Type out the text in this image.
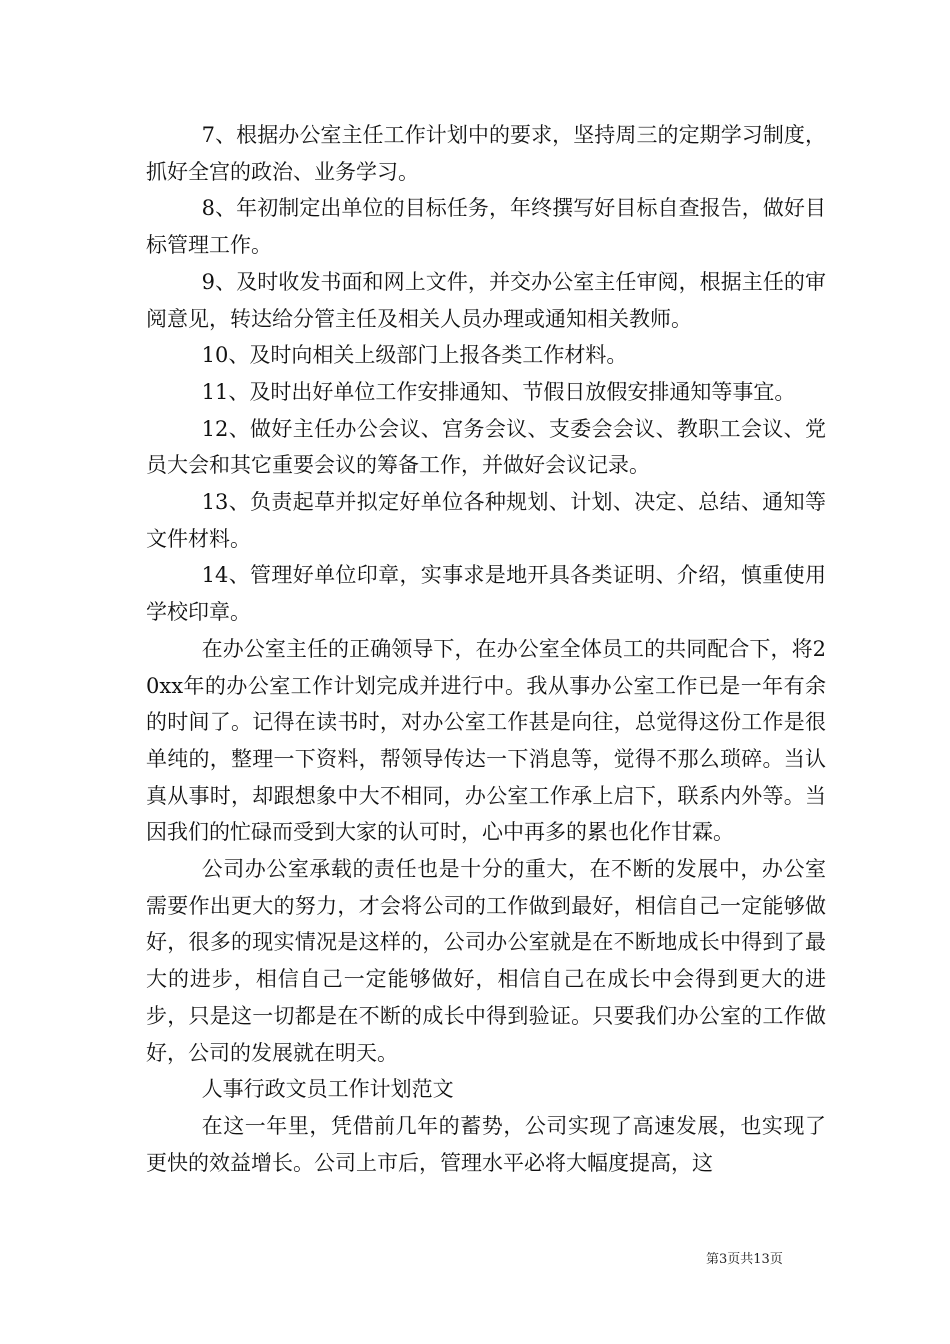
7、根据办公室主任工作计划中的要求，坚持周三的定期学习制度，抓好全宫的政治、业务学习。

8、年初制定出单位的目标任务，年终撰写好目标自查报告，做好目标管理工作。

9、及时收发书面和网上文件，并交办公室主任审阅，根据主任的审阅意见，转达给分管主任及相关人员办理或通知相关教师。

10、及时向相关上级部门上报各类工作材料。

11、及时出好单位工作安排通知、节假日放假安排通知等事宜。

12、做好主任办公会议、宫务会议、支委会会议、教职工会议、党员大会和其它重要会议的筹备工作，并做好会议记录。

13、负责起草并拟定好单位各种规划、计划、决定、总结、通知等文件材料。

14、管理好单位印章，实事求是地开具各类证明、介绍，慎重使用学校印章。

在办公室主任的正确领导下，在办公室全体员工的共同配合下，将20xx年的办公室工作计划完成并进行中。我从事办公室工作已是一年有余的时间了。记得在读书时，对办公室工作甚是向往，总觉得这份工作是很单纯的，整理一下资料，帮领导传达一下消息等，觉得不那么琐碎。当认真从事时，却跟想象中大不相同，办公室工作承上启下，联系内外等。当因我们的忙碌而受到大家的认可时，心中再多的累也化作甘霖。

公司办公室承载的责任也是十分的重大，在不断的发展中，办公室需要作出更大的努力，才会将公司的工作做到最好，相信自己一定能够做好，很多的现实情况是这样的，公司办公室就是在不断地成长中得到了最大的进步，相信自己一定能够做好，相信自己在成长中会得到更大的进步，只是这一切都是在不断的成长中得到验证。只要我们办公室的工作做好，公司的发展就在明天。

人事行政文员工作计划范文

在这一年里，凭借前几年的蓄势，公司实现了高速发展，也实现了更快的效益增长。公司上市后，管理水平必将大幅度提高，这

第3页共13页
